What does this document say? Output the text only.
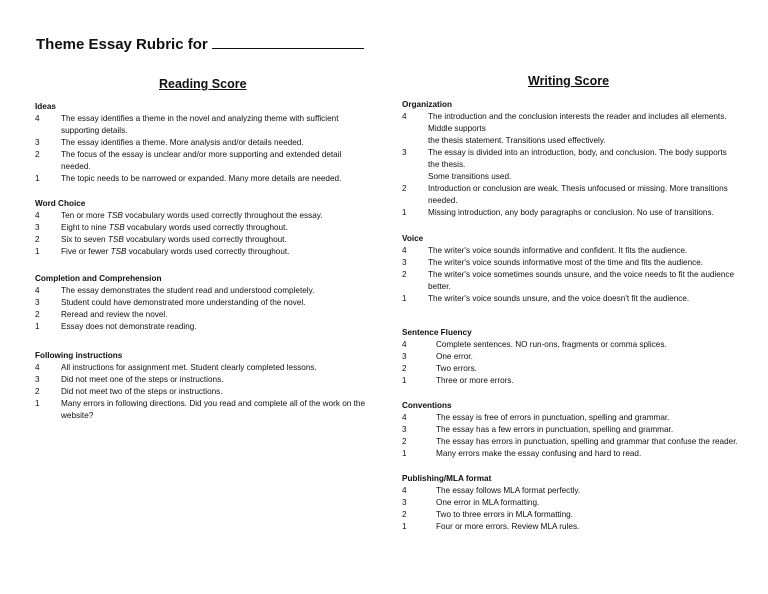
Theme Essay Rubric for
Reading Score	Writing Score
Ideas
4	The essay identifies a theme in the novel and analyzing theme with sufficient supporting details.
3	The essay identifies a theme. More analysis and/or details needed.
2	The focus of the essay is unclear and/or more supporting and extended detail needed.
1	The topic needs to be narrowed or expanded. Many more details are needed.
Word Choice
4	Ten or more TSB vocabulary words used correctly throughout the essay.
3	Eight to nine TSB vocabulary words used correctly throughout.
2	Six to seven TSB vocabulary words used correctly throughout.
1	Five or fewer TSB vocabulary words used correctly throughout.
Completion and Comprehension
4	The essay demonstrates the student read and understood completely.
3	Student could have demonstrated more understanding of the novel.
2	Reread and review the novel.
1	Essay does not demonstrate reading.
Following instructions
4	All instructions for assignment met. Student clearly completed lessons.
3	Did not meet one of the steps or instructions.
2	Did not meet two of the steps or instructions.
1	Many errors in following directions. Did you read and complete all of the work on the website?
Organization
4	The introduction and the conclusion interests the reader and includes all elements. Middle supports
the thesis statement. Transitions used effectively.
3	The essay is divided into an introduction, body, and conclusion. The body supports the thesis.
Some transitions used.
2	Introduction or conclusion are weak. Thesis unfocused or missing. More transitions needed.
1	Missing introduction, any body paragraphs or conclusion. No use of transitions.
Voice
4	The writer's voice sounds informative and confident. It fits the audience.
3	The writer's voice sounds informative most of the time and fits the audience.
2	The writer's voice sometimes sounds unsure, and the voice needs to fit the audience better.
1	The writer's voice sounds unsure, and the voice doesn't fit the audience.
Sentence Fluency
4	Complete sentences. NO run-ons, fragments or comma splices.
3	One error.
2	Two errors.
1	Three or more errors.
Conventions
4	The essay is free of errors in punctuation, spelling and grammar.
3	The essay has a few errors in punctuation, spelling and grammar.
2	The essay has errors in punctuation, spelling and grammar that confuse the reader.
1	Many errors make the essay confusing and hard to read.
Publishing/MLA format
4	The essay follows MLA format perfectly.
3	One error in MLA formatting.
2	Two to three errors in MLA formatting.
1	Four or more errors. Review MLA rules.
